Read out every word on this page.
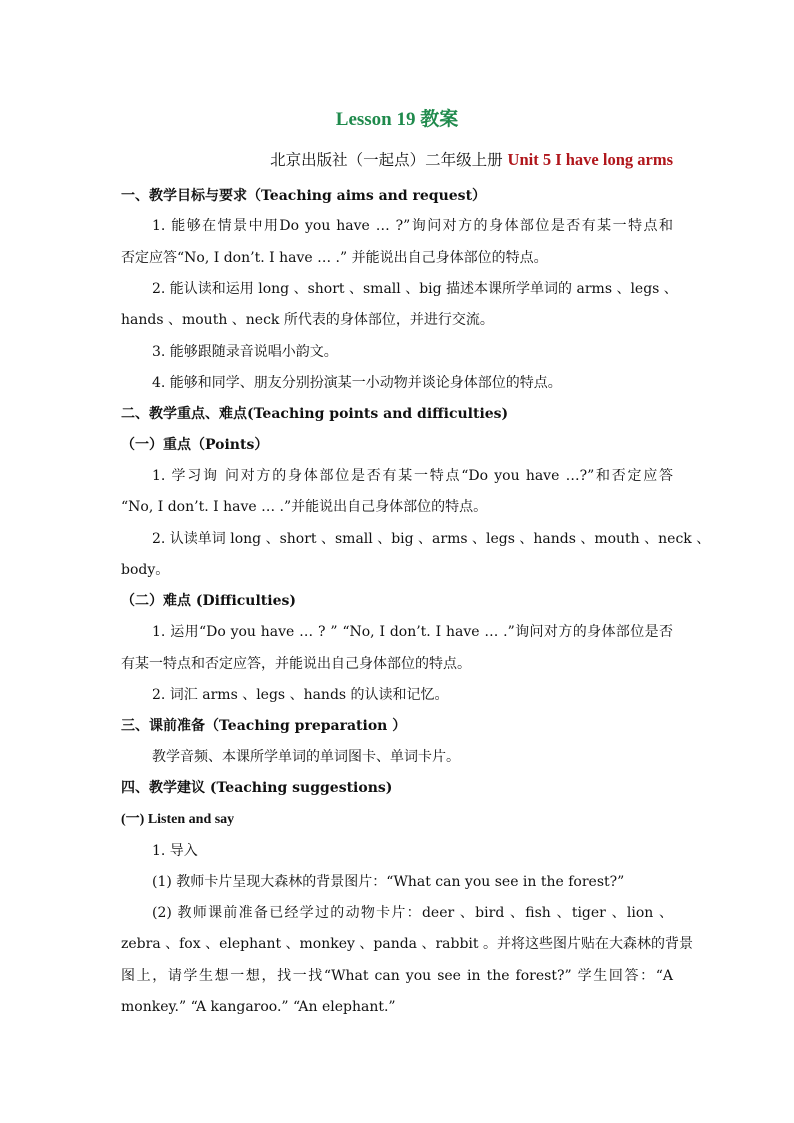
Lesson 19 教案
北京出版社（一起点）二年级上册 Unit 5 I have long arms
一、教学目标与要求（Teaching aims and request）
1. 能够在情景中用Do you have … ?”询问对方的身体部位是否有某一特点和
否定应答“No, I don’t. I have … .” 并能说出自己身体部位的特点。
2. 能认读和运用 long 、short 、small 、big 描述本课所学单词的 arms 、legs 、
hands 、mouth 、neck 所代表的身体部位，并进行交流。
3. 能够跟随录音说唱小韵文。
4. 能够和同学、朋友分别扮演某一小动物并谈论身体部位的特点。
二、教学重点、难点(Teaching points and difficulties)
（一）重点（Points）
1. 学习询 问对方的身体部位是否有某一特点“Do you have …?”和否定应答
“No, I don’t. I have … .”并能说出自己身体部位的特点。
2. 认读单词 long 、short 、small 、big 、arms 、legs 、hands 、mouth 、neck 、
body。
（二）难点 (Difficulties)
1. 运用“Do you have … ? ” “No, I don’t. I have … .”询问对方的身体部位是否
有某一特点和否定应答，并能说出自己身体部位的特点。
2. 词汇 arms 、legs 、hands 的认读和记忆。
三、课前准备（Teaching preparation ）
教学音频、本课所学单词的单词图卡、单词卡片。
四、教学建议 (Teaching suggestions)
(一) Listen and say
1. 导入
(1) 教师卡片呈现大森林的背景图片：“What can you see in the forest?”
(2) 教师课前准备已经学过的动物卡片：deer 、bird 、fish 、tiger 、lion 、
zebra 、fox 、elephant 、monkey 、panda 、rabbit 。并将这些图片贴在大森林的背景
图上，请学生想一想，找一找“What can you see in the forest?” 学生回答：“A
monkey.” “A kangaroo.” “An elephant.”
